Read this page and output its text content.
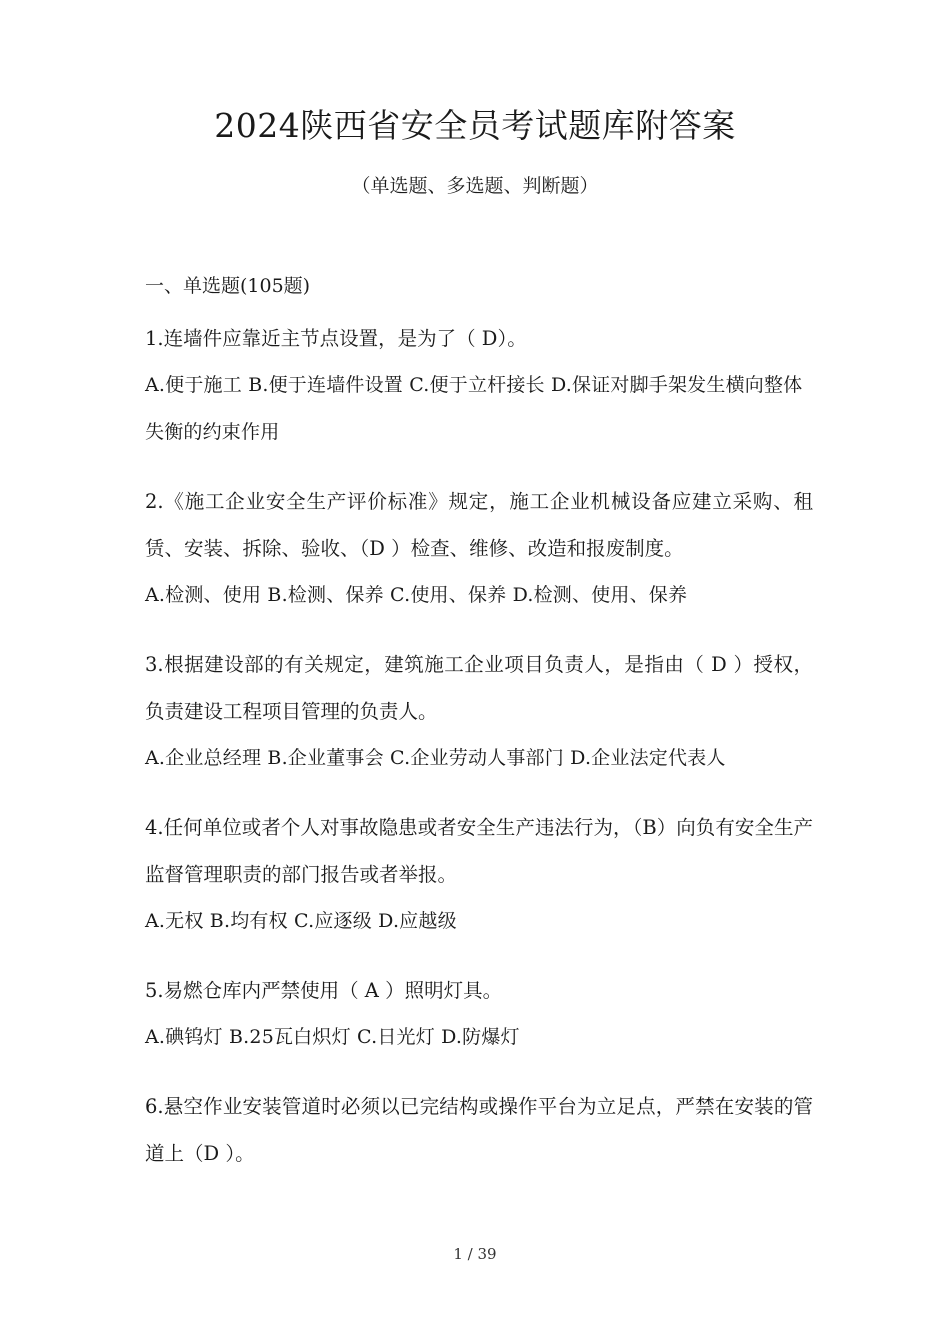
2024陕西省安全员考试题库附答案
（单选题、多选题、判断题）
一、单选题(105题)

1.连墙件应靠近主节点设置，是为了（ D）。

A.便于施工 B.便于连墙件设置 C.便于立杆接长 D.保证对脚手架发生横向整体失衡的约束作用

2.《施工企业安全生产评价标准》规定，施工企业机械设备应建立采购、租赁、安装、拆除、验收、（D ）检查、维修、改造和报废制度。

A.检测、使用 B.检测、保养 C.使用、保养 D.检测、使用、保养

3.根据建设部的有关规定，建筑施工企业项目负责人，是指由（ D ）授权，负责建设工程项目管理的负责人。

A.企业总经理 B.企业董事会 C.企业劳动人事部门 D.企业法定代表人

4.任何单位或者个人对事故隐患或者安全生产违法行为，（B）向负有安全生产监督管理职责的部门报告或者举报。

A.无权 B.均有权 C.应逐级 D.应越级

5.易燃仓库内严禁使用（ A ）照明灯具。

A.碘钨灯 B.25瓦白炽灯 C.日光灯 D.防爆灯

6.悬空作业安装管道时必须以已完结构或操作平台为立足点，严禁在安装的管道上（D ）。

1 / 39
